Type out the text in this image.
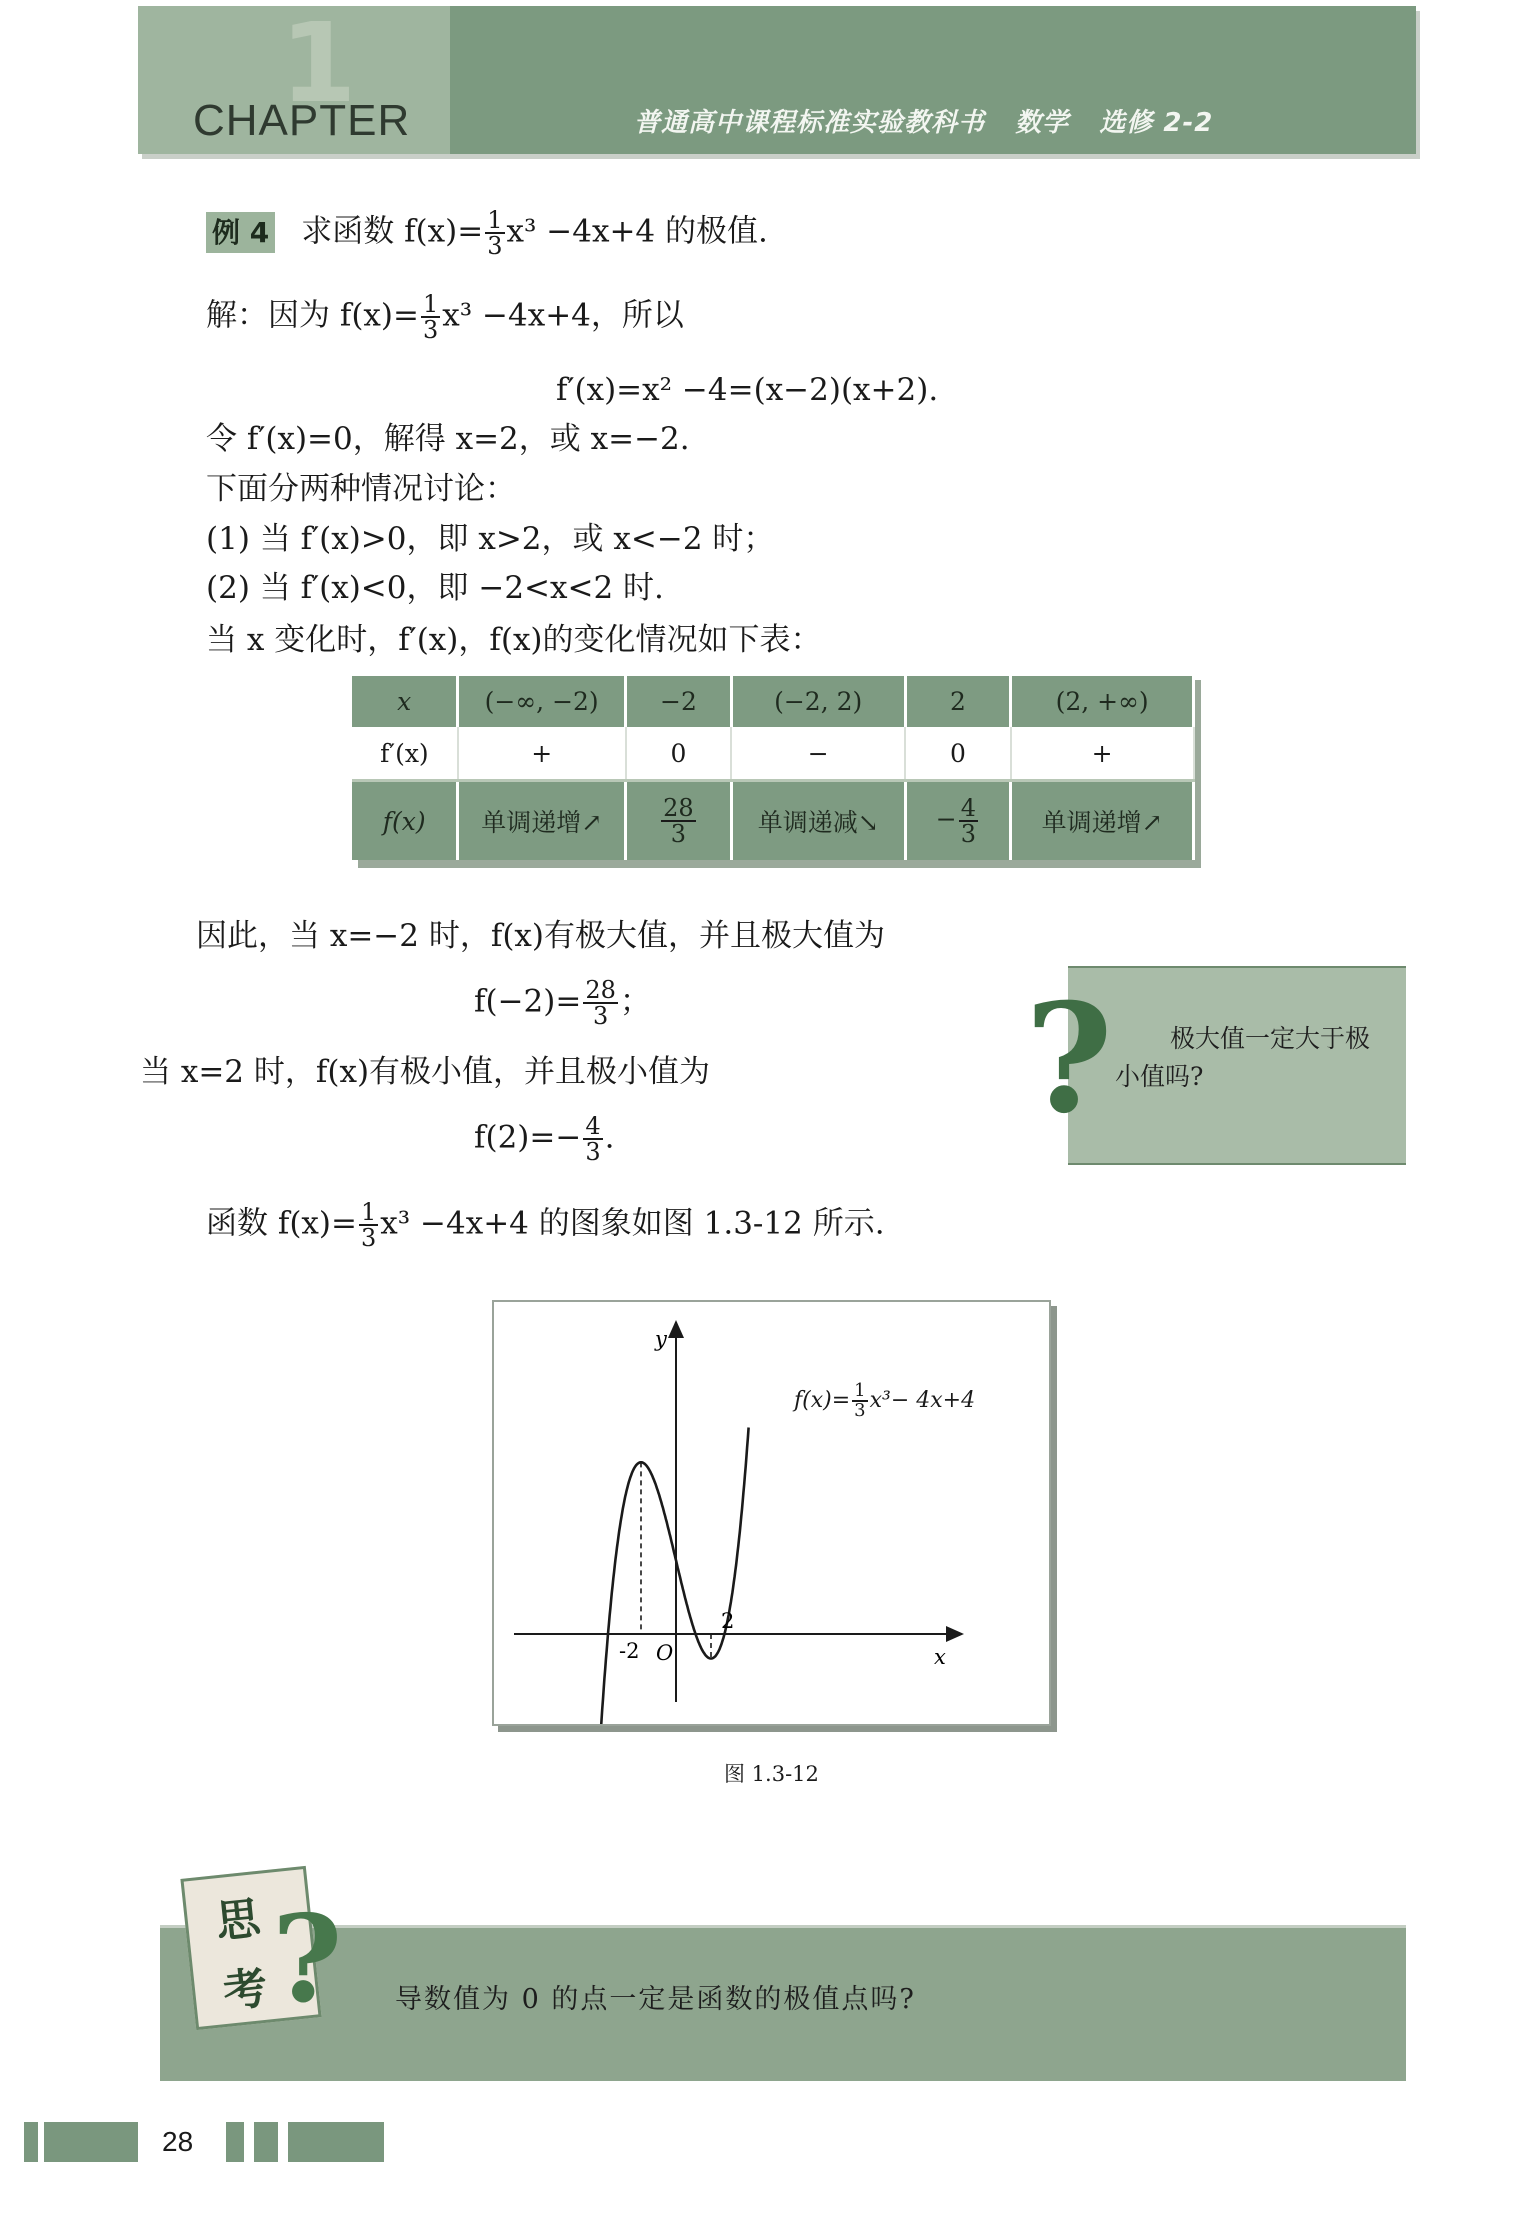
1
CHAPTER	普通高中课程标准实验教科书   数学   选修 2-2
例 4 求函数 $f(x)= \frac{1}{3} x^3 -4x+4$ 的极值.
解：因为 $f(x)= \frac{1}{3} x^3 -4x+4$，所以
f′(x)=x² −4=(x−2)(x+2).
令 f′(x)=0，解得 x=2，或 x=−2.
下面分两种情况讨论：
(1) 当 f′(x)>0，即 x>2，或 x<−2 时；
(2) 当 f′(x)<0，即 −2<x<2 时.
当 x 变化时，f′(x)，f(x)的变化情况如下表：
x	(−∞, −2)	−2	(−2, 2)	2	(2, +∞)
f′(x)	+	0	−	0	+
f(x)	单调递增↗	$\frac{28}{3}$	单调递减↘	− $\frac{4}{3}$	单调递增↗
因此，当 x=−2 时，f(x)有极大值，并且极大值为
$f(-2)= \frac{28}{3}$ ；
当 x=2 时，f(x)有极小值，并且极小值为
$f(2)=- \frac{4}{3}$ .
函数 $f(x)= \frac{1}{3} x^3 -4x+4$ 的图象如图 1.3-12 所示.
?	极大值一定大于极
小值吗?
y
x
O
-2
2
$f(x)= \frac{1}{3} x^3- 4x+4$
图 1.3-12
思
考 ? 导数值为 0 的点一定是函数的极值点吗?
28
